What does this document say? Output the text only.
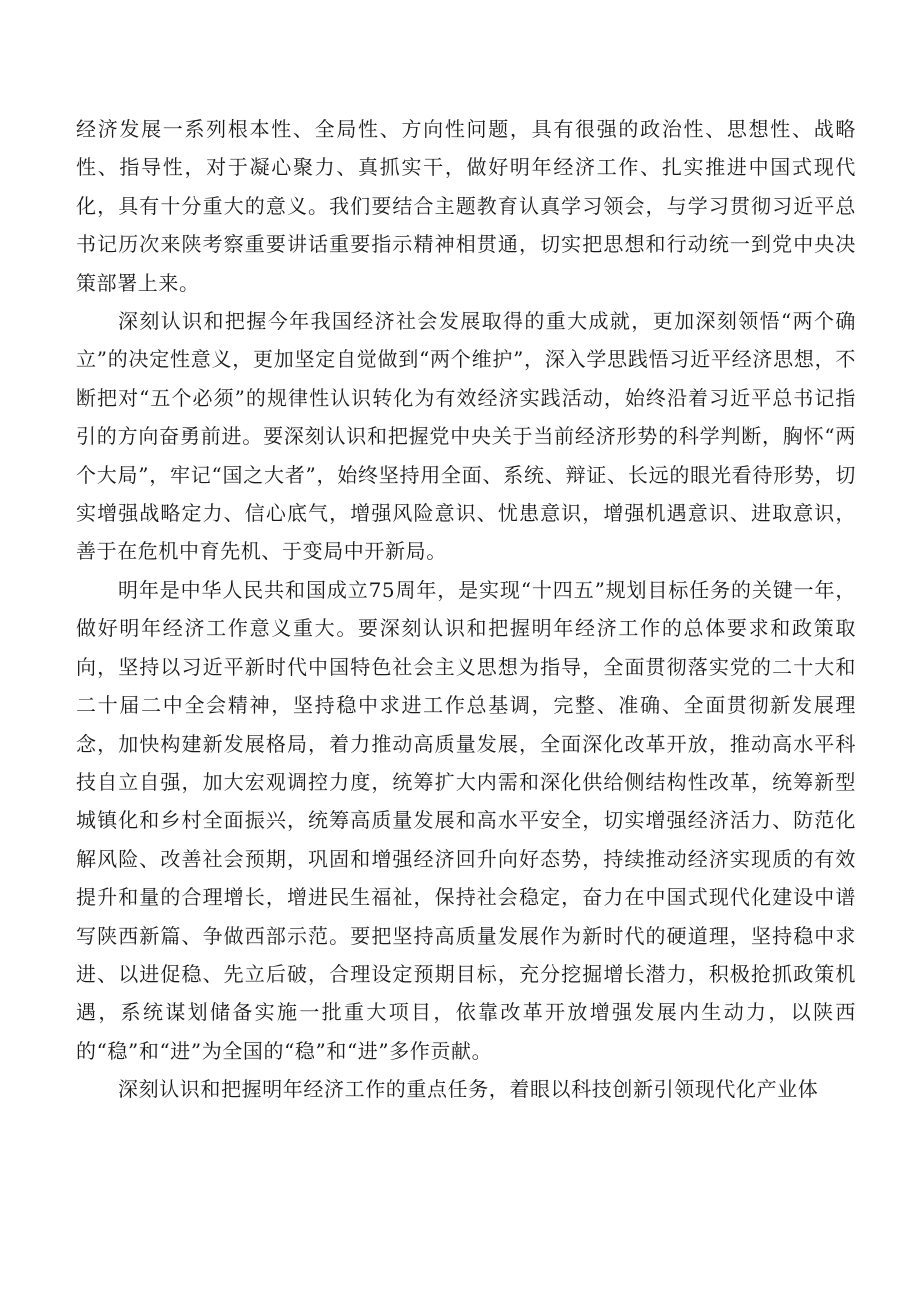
经济发展一系列根本性、全局性、方向性问题，具有很强的政治性、思想性、战略性、指导性，对于凝心聚力、真抓实干，做好明年经济工作、扎实推进中国式现代化，具有十分重大的意义。我们要结合主题教育认真学习领会，与学习贯彻习近平总书记历次来陕考察重要讲话重要指示精神相贯通，切实把思想和行动统一到党中央决策部署上来。

深刻认识和把握今年我国经济社会发展取得的重大成就，更加深刻领悟“两个确立”的决定性意义，更加坚定自觉做到“两个维护”，深入学思践悟习近平经济思想，不断把对“五个必须”的规律性认识转化为有效经济实践活动，始终沿着习近平总书记指引的方向奋勇前进。要深刻认识和把握党中央关于当前经济形势的科学判断，胸怀“两个大局”，牢记“国之大者”，始终坚持用全面、系统、辩证、长远的眼光看待形势，切实增强战略定力、信心底气，增强风险意识、忧患意识，增强机遇意识、进取意识，善于在危机中育先机、于变局中开新局。

明年是中华人民共和国成立75周年，是实现“十四五”规划目标任务的关键一年，做好明年经济工作意义重大。要深刻认识和把握明年经济工作的总体要求和政策取向，坚持以习近平新时代中国特色社会主义思想为指导，全面贯彻落实党的二十大和二十届二中全会精神，坚持稳中求进工作总基调，完整、准确、全面贯彻新发展理念，加快构建新发展格局，着力推动高质量发展，全面深化改革开放，推动高水平科技自立自强，加大宏观调控力度，统筹扩大内需和深化供给侧结构性改革，统筹新型城镇化和乡村全面振兴，统筹高质量发展和高水平安全，切实增强经济活力、防范化解风险、改善社会预期，巩固和增强经济回升向好态势，持续推动经济实现质的有效提升和量的合理增长，增进民生福祉，保持社会稳定，奋力在中国式现代化建设中谱写陕西新篇、争做西部示范。要把坚持高质量发展作为新时代的硬道理，坚持稳中求进、以进促稳、先立后破，合理设定预期目标，充分挖掘增长潜力，积极抢抓政策机遇，系统谋划储备实施一批重大项目，依靠改革开放增强发展内生动力，以陕西的“稳”和“进”为全国的“稳”和“进”多作贡献。

深刻认识和把握明年经济工作的重点任务，着眼以科技创新引领现代化产业体
